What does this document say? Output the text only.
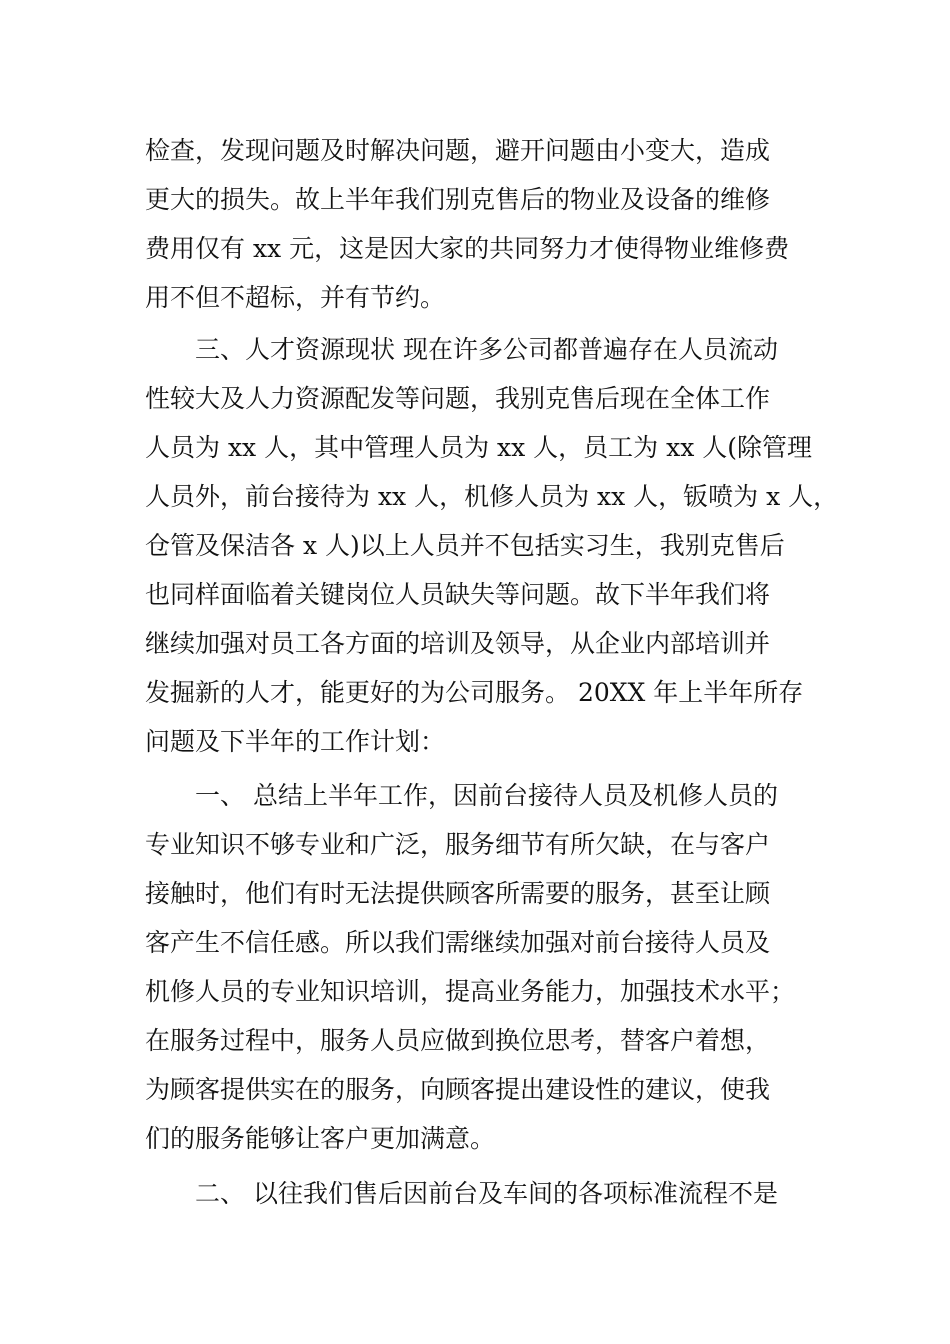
检查，发现问题及时解决问题，避开问题由小变大，造成
更大的损失。故上半年我们别克售后的物业及设备的维修
费用仅有 xx 元，这是因大家的共同努力才使得物业维修费
用不但不超标，并有节约。
三、人才资源现状 现在许多公司都普遍存在人员流动
性较大及人力资源配发等问题，我别克售后现在全体工作
人员为 xx 人，其中管理人员为 xx 人，员工为 xx 人(除管理
人员外，前台接待为 xx 人，机修人员为 xx 人，钣喷为 x 人，
仓管及保洁各 x 人)以上人员并不包括实习生，我别克售后
也同样面临着关键岗位人员缺失等问题。故下半年我们将
继续加强对员工各方面的培训及领导，从企业内部培训并
发掘新的人才，能更好的为公司服务。 20XX 年上半年所存
问题及下半年的工作计划：
一、 总结上半年工作，因前台接待人员及机修人员的
专业知识不够专业和广泛，服务细节有所欠缺，在与客户
接触时，他们有时无法提供顾客所需要的服务，甚至让顾
客产生不信任感。所以我们需继续加强对前台接待人员及
机修人员的专业知识培训，提高业务能力，加强技术水平；
在服务过程中，服务人员应做到换位思考，替客户着想，
为顾客提供实在的服务，向顾客提出建设性的建议，使我
们的服务能够让客户更加满意。
二、 以往我们售后因前台及车间的各项标准流程不是
